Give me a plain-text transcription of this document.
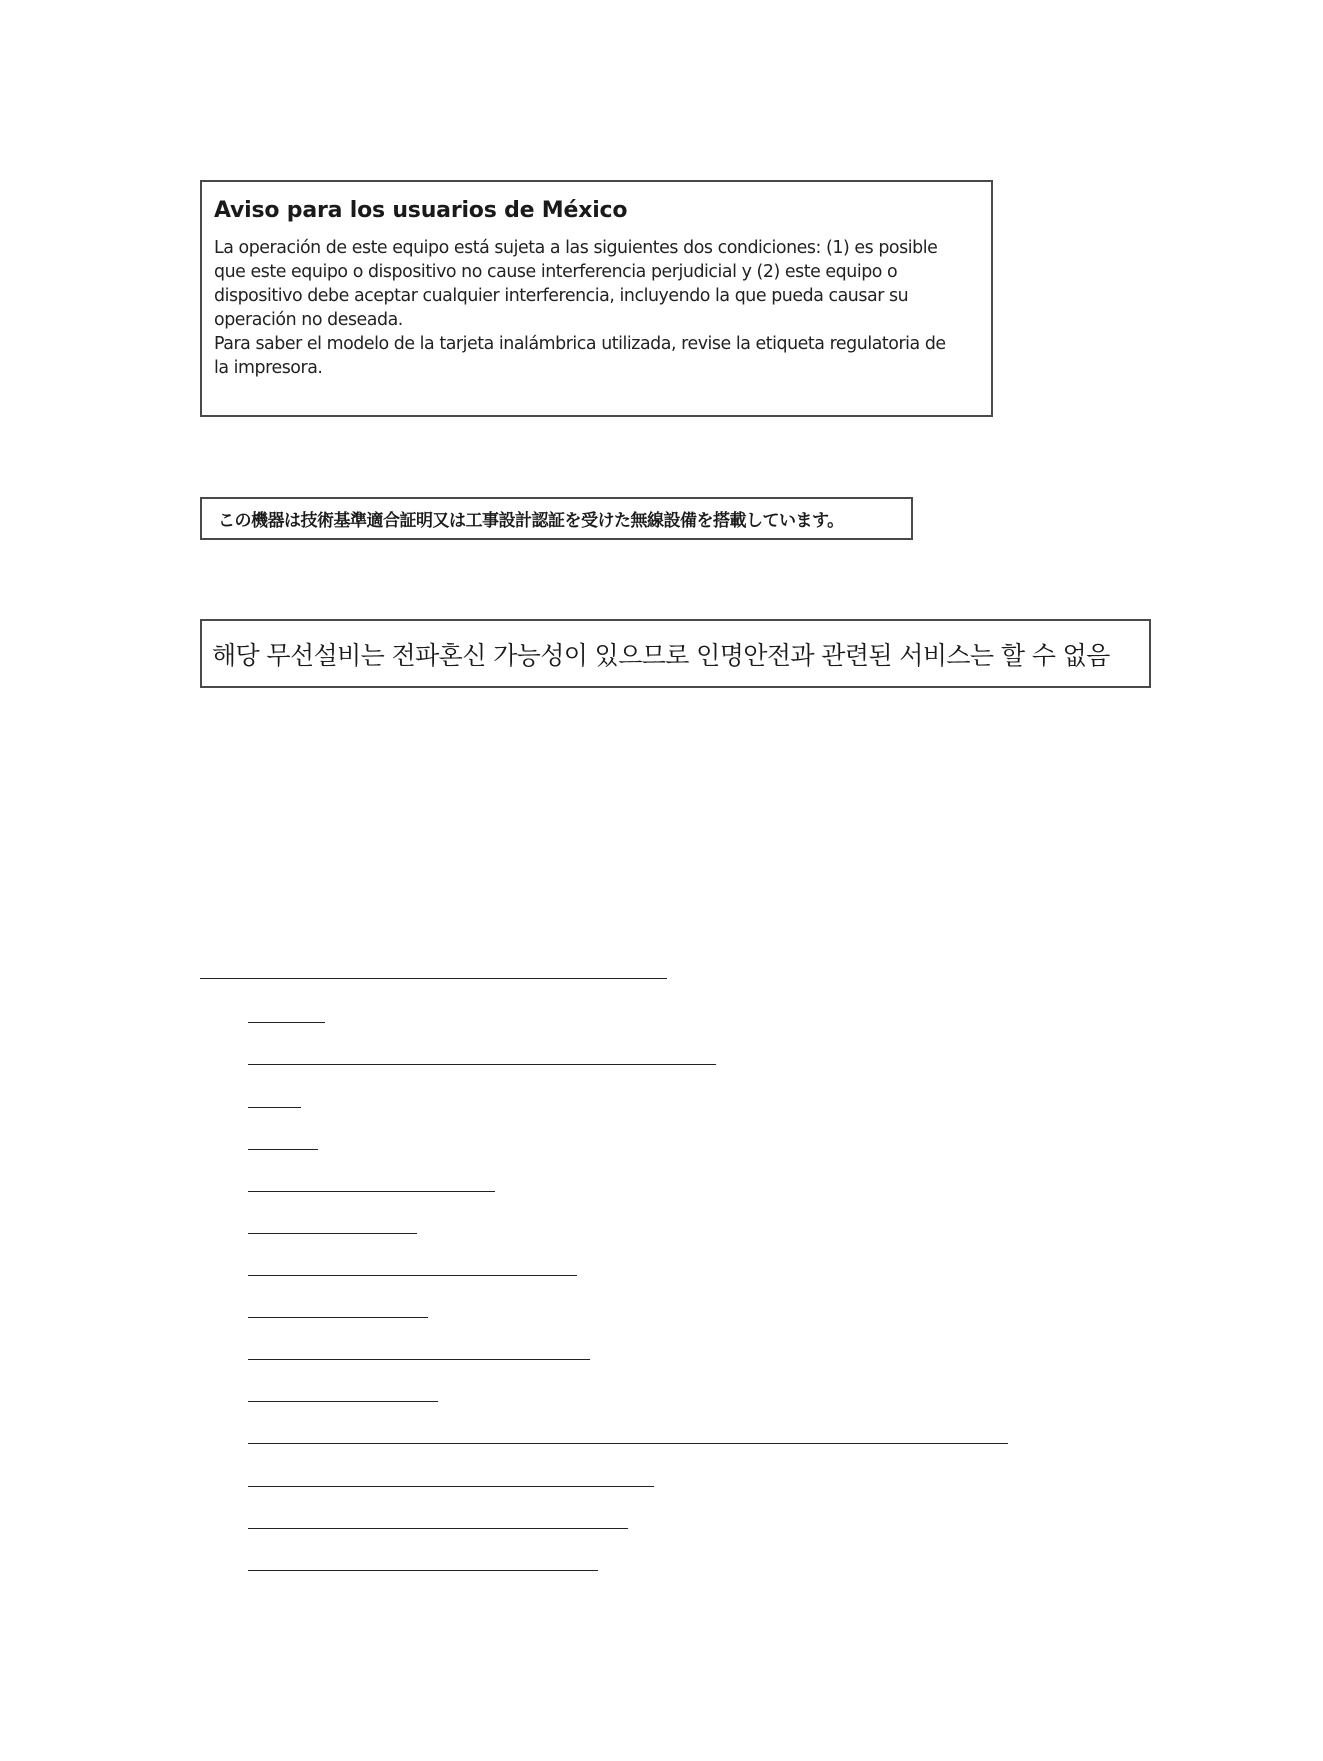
Aviso para los usuarios de México

La operación de este equipo está sujeta a las siguientes dos condiciones: (1) es posible

que este equipo o dispositivo no cause interferencia perjudicial y (2) este equipo o

dispositivo debe aceptar cualquier interferencia, incluyendo la que pueda causar su

operación no deseada.

Para saber el modelo de la tarjeta inalámbrica utilizada, revise la etiqueta regulatoria de

la impresora.

この機器は技術基準適合証明又は工事設計認証を受けた無線設備を搭載しています。
해당 무선설비는 전파혼신 가능성이 있으므로 인명안전과 관련된 서비스는 할 수 없음
